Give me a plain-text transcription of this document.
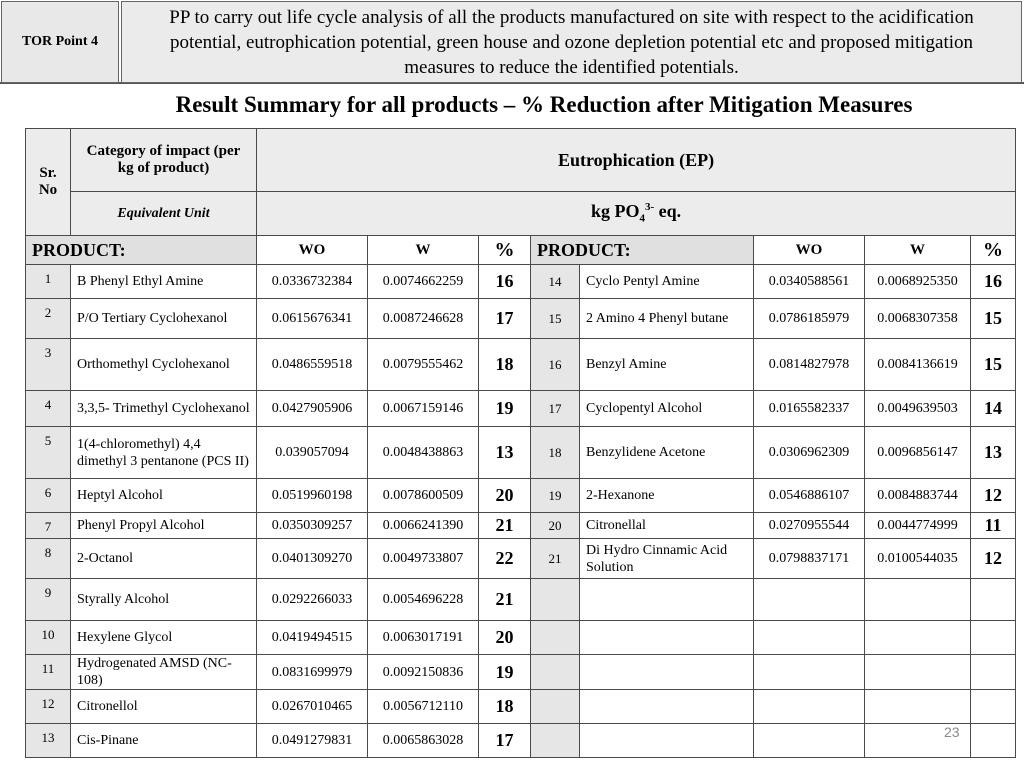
TOR Point 4
PP to carry out life cycle analysis of all the products manufactured on site with respect to the acidification potential, eutrophication potential, green house and ozone depletion potential etc and proposed mitigation measures to reduce the identified potentials.
Result Summary for all products – % Reduction after Mitigation Measures
Sr. No	Category of impact (per kg of product)	Eutrophication (EP)							
	Equivalent Unit	kg $PO_4^{3-}$ eq.							
PRODUCT:		WO	W	%	PRODUCT:		WO	W	%
1	B Phenyl Ethyl Amine	0.0336732384	0.0074662259	16	14	Cyclo Pentyl Amine	0.0340588561	0.0068925350	16
2	P/O Tertiary Cyclohexanol	0.0615676341	0.0087246628	17	15	2 Amino 4 Phenyl butane	0.0786185979	0.0068307358	15
3	Orthomethyl Cyclohexanol	0.0486559518	0.0079555462	18	16	Benzyl Amine	0.0814827978	0.0084136619	15
4	3,3,5- Trimethyl Cyclohexanol	0.0427905906	0.0067159146	19	17	Cyclopentyl Alcohol	0.0165582337	0.0049639503	14
5	1(4-chloromethyl) 4,4 dimethyl 3 pentanone (PCS II)	0.039057094	0.0048438863	13	18	Benzylidene Acetone	0.0306962309	0.0096856147	13
6	Heptyl Alcohol	0.0519960198	0.0078600509	20	19	2-Hexanone	0.0546886107	0.0084883744	12
7	Phenyl Propyl Alcohol	0.0350309257	0.0066241390	21	20	Citronellal	0.0270955544	0.0044774999	11
8	2-Octanol	0.0401309270	0.0049733807	22	21	Di Hydro Cinnamic Acid Solution	0.0798837171	0.0100544035	12
9	Styrally Alcohol	0.0292266033	0.0054696228	21					
10	Hexylene Glycol	0.0419494515	0.0063017191	20					
11	Hydrogenated AMSD (NC-108)	0.0831699979	0.0092150836	19					
12	Citronellol	0.0267010465	0.0056712110	18					
13	Cis-Pinane	0.0491279831	0.0065863028	17						23
